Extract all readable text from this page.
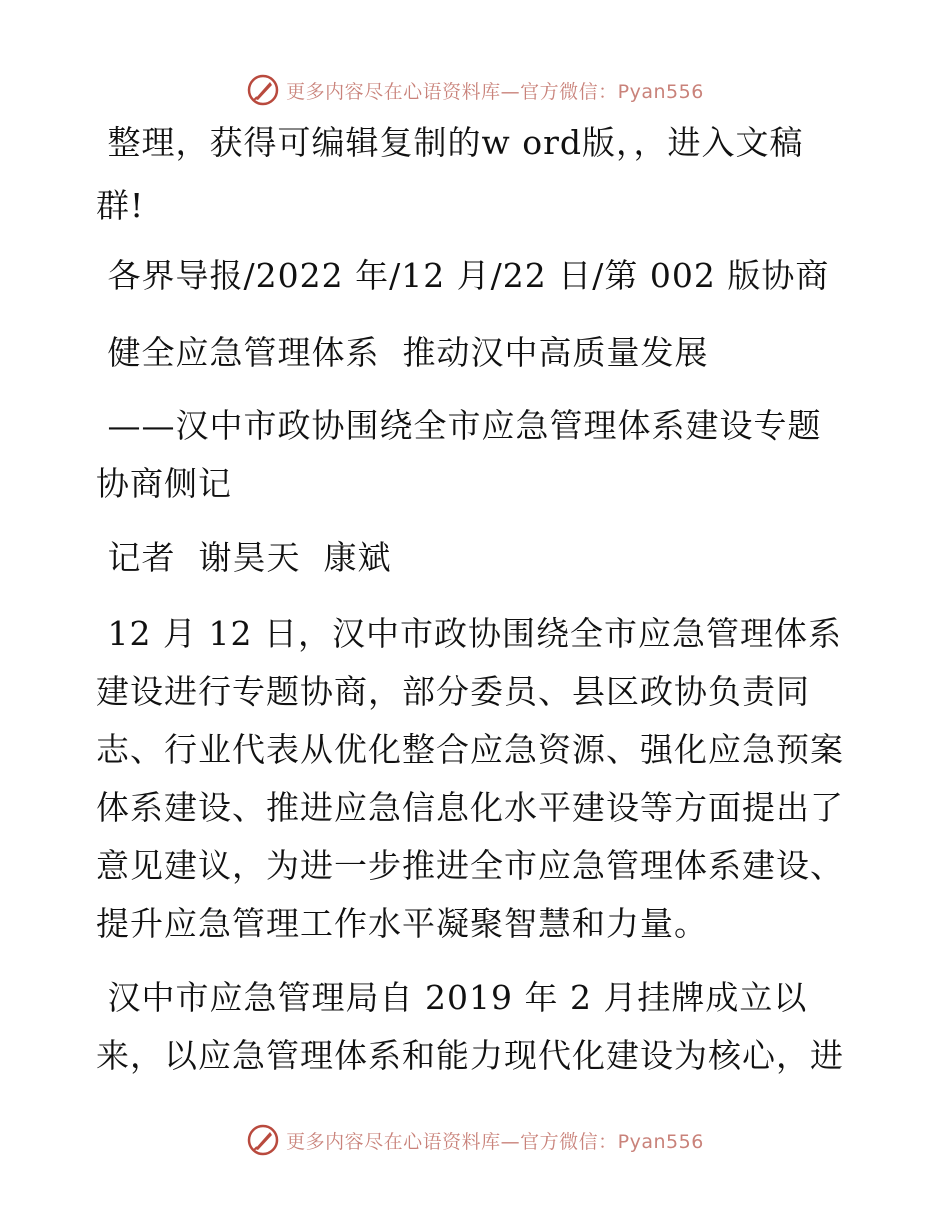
更多内容尽在心语资料库—官方微信：Pyan556
整理，获得可编辑复制的w ord版，，进入文稿
群!
各界导报/2022 年/12 月/22 日/第 002 版协商
健全应急管理体系  推动汉中高质量发展
——汉中市政协围绕全市应急管理体系建设专题
协商侧记
记者  谢昊天  康斌
12 月 12 日，汉中市政协围绕全市应急管理体系
建设进行专题协商，部分委员、县区政协负责同
志、行业代表从优化整合应急资源、强化应急预案
体系建设、推进应急信息化水平建设等方面提出了
意见建议，为进一步推进全市应急管理体系建设、
提升应急管理工作水平凝聚智慧和力量。
汉中市应急管理局自 2019 年 2 月挂牌成立以
来，以应急管理体系和能力现代化建设为核心，进
更多内容尽在心语资料库—官方微信：Pyan556
